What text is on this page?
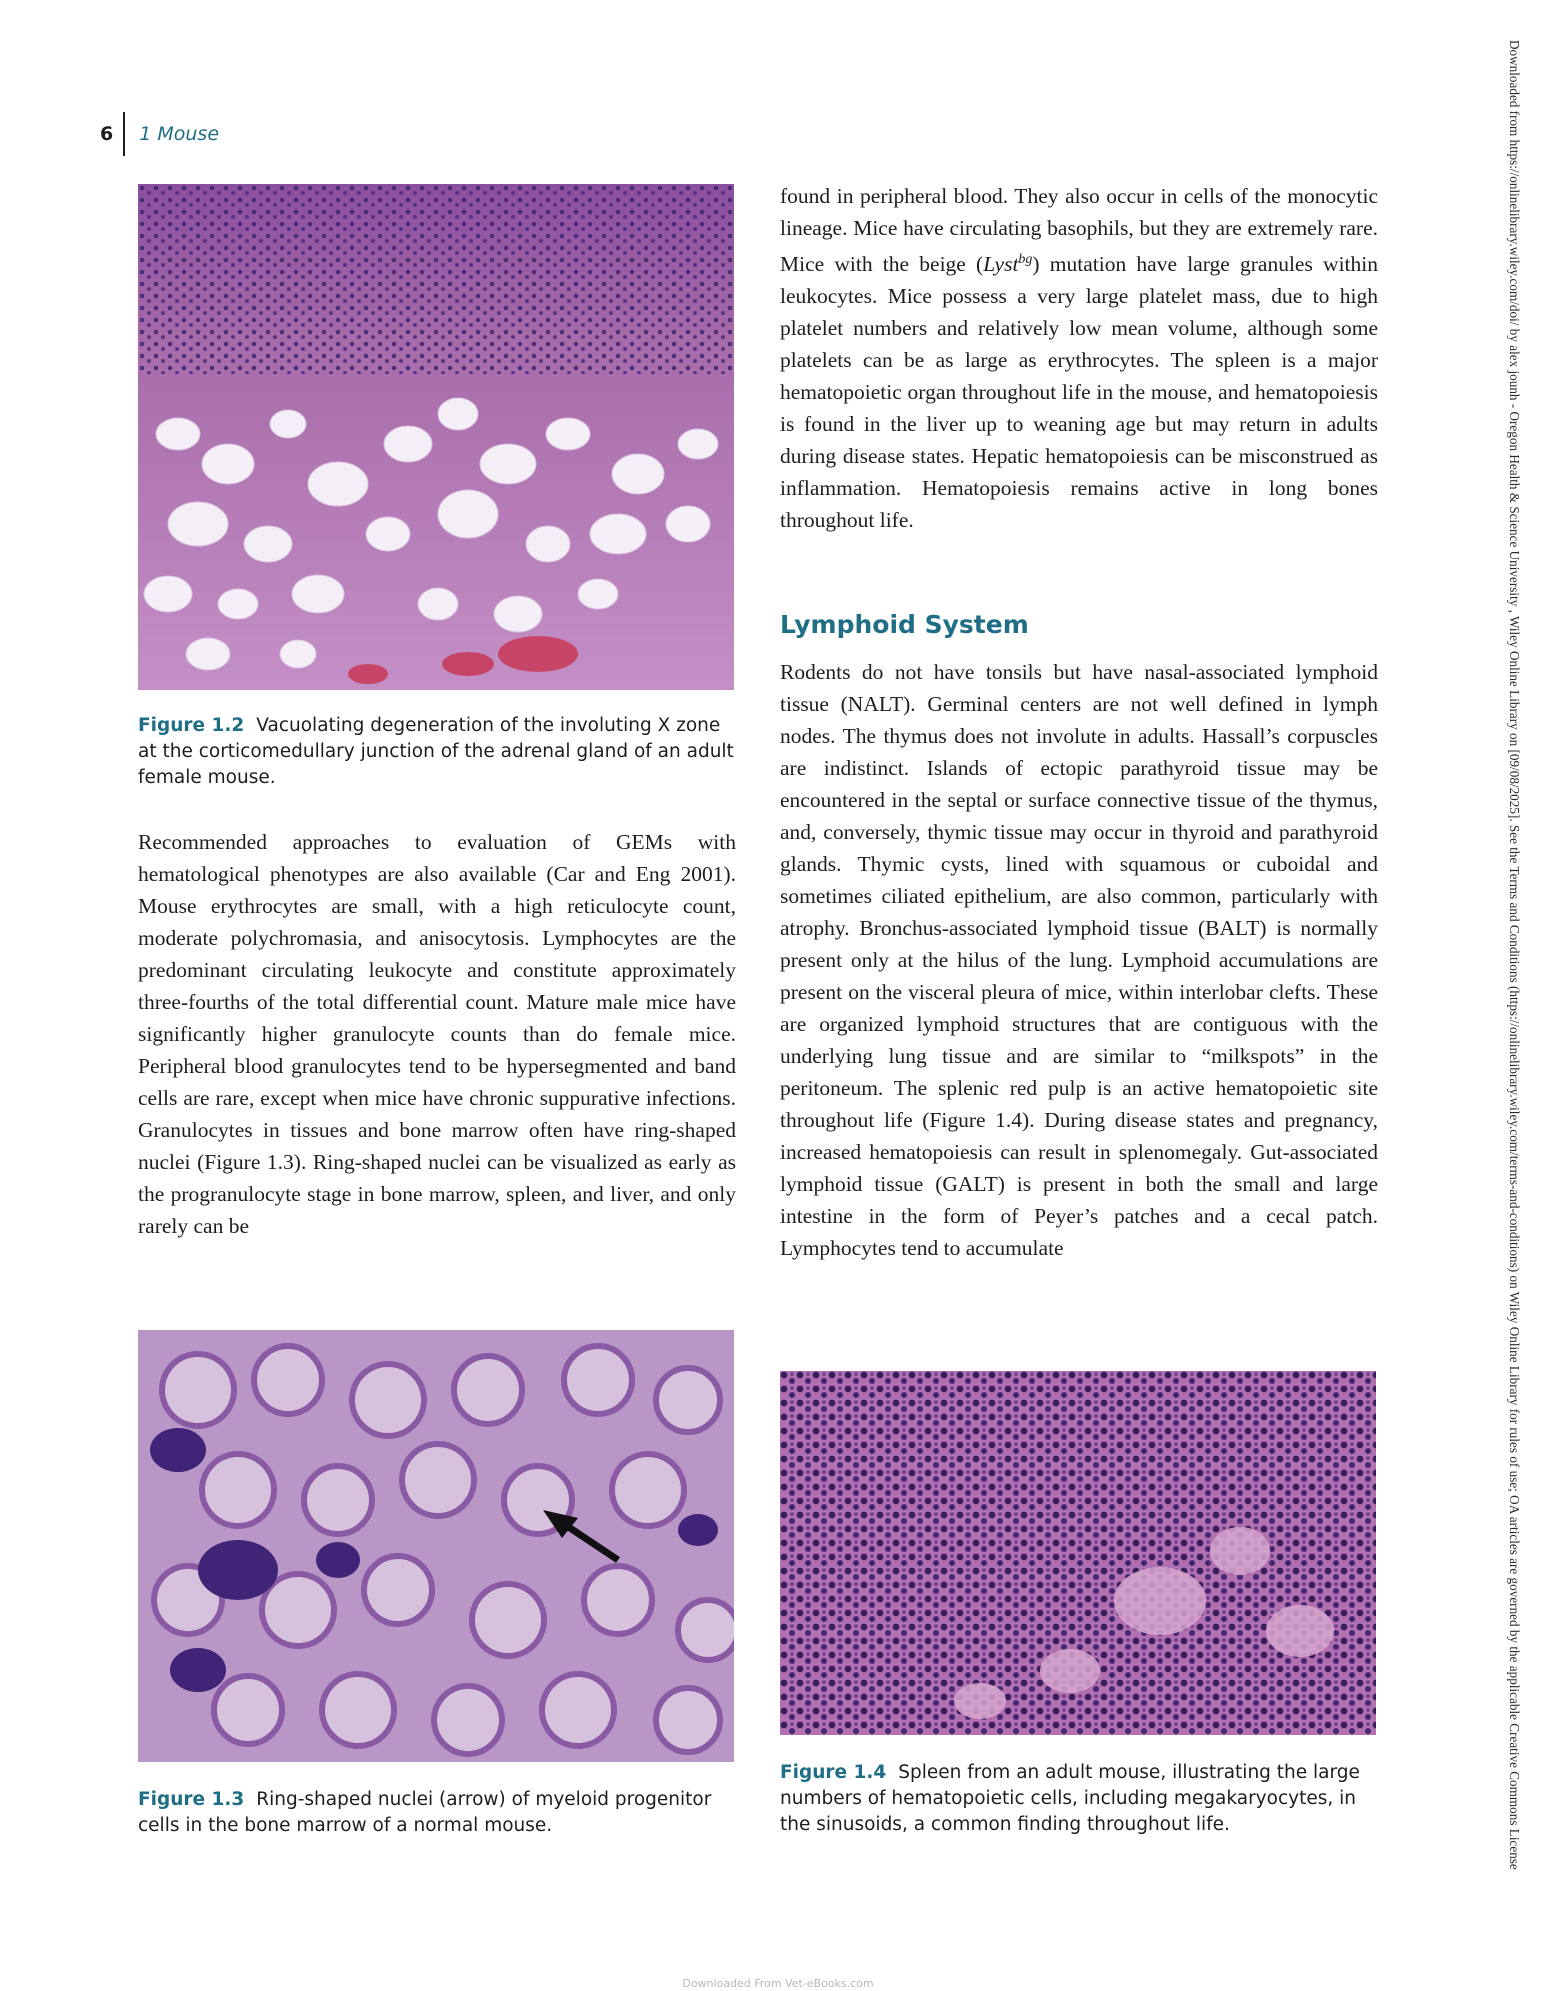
6	1 Mouse
Figure 1.2 Vacuolating degeneration of the involuting X zone at the corticomedullary junction of the adrenal gland of an adult female mouse.

Recommended approaches to evaluation of GEMs with hematological phenotypes are also available (Car and Eng 2001). Mouse erythrocytes are small, with a high reticulocyte count, moderate polychromasia, and anisocytosis. Lymphocytes are the predominant circulating leukocyte and constitute approximately three-fourths of the total differential count. Mature male mice have significantly higher granulocyte counts than do female mice. Peripheral blood granulocytes tend to be hypersegmented and band cells are rare, except when mice have chronic suppurative infections. Granulocytes in tissues and bone marrow often have ring-shaped nuclei (Figure 1.3). Ring-shaped nuclei can be visualized as early as the progranulocyte stage in bone marrow, spleen, and liver, and only rarely can be

Figure 1.3 Ring-shaped nuclei (arrow) of myeloid progenitor cells in the bone marrow of a normal mouse.

found in peripheral blood. They also occur in cells of the monocytic lineage. Mice have circulating basophils, but they are extremely rare. Mice with the beige (Lyst$^{bg}$) mutation have large granules within leukocytes. Mice possess a very large platelet mass, due to high platelet numbers and relatively low mean volume, although some platelets can be as large as erythrocytes. The spleen is a major hematopoietic organ throughout life in the mouse, and hematopoiesis is found in the liver up to weaning age but may return in adults during disease states. Hepatic hematopoiesis can be misconstrued as inflammation. Hematopoiesis remains active in long bones throughout life.

Lymphoid System

Rodents do not have tonsils but have nasal-associated lymphoid tissue (NALT). Germinal centers are not well defined in lymph nodes. The thymus does not involute in adults. Hassall’s corpuscles are indistinct. Islands of ectopic parathyroid tissue may be encountered in the septal or surface connective tissue of the thymus, and, conversely, thymic tissue may occur in thyroid and parathyroid glands. Thymic cysts, lined with squamous or cuboidal and sometimes ciliated epithelium, are also common, particularly with atrophy. Bronchus-associated lymphoid tissue (BALT) is normally present only at the hilus of the lung. Lymphoid accumulations are present on the visceral pleura of mice, within interlobar clefts. These are organized lymphoid structures that are contiguous with the underlying lung tissue and are similar to “milkspots” in the peritoneum. The splenic red pulp is an active hematopoietic site throughout life (Figure 1.4). During disease states and pregnancy, increased hematopoiesis can result in splenomegaly. Gut-associated lymphoid tissue (GALT) is present in both the small and large intestine in the form of Peyer’s patches and a cecal patch. Lymphocytes tend to accumulate

Figure 1.4 Spleen from an adult mouse, illustrating the large numbers of hematopoietic cells, including megakaryocytes, in the sinusoids, a common finding throughout life.	Downloaded from https://onlinelibrary.wiley.com/doi/ by alex jounh - Oregon Health & Science University , Wiley Online Library on [09/08/2025]. See the Terms and Conditions (https://onlinelibrary.wiley.com/terms-and-conditions) on Wiley Online Library for rules of use; OA articles are governed by the applicable Creative Commons License
Downloaded From Vet-eBooks.com
